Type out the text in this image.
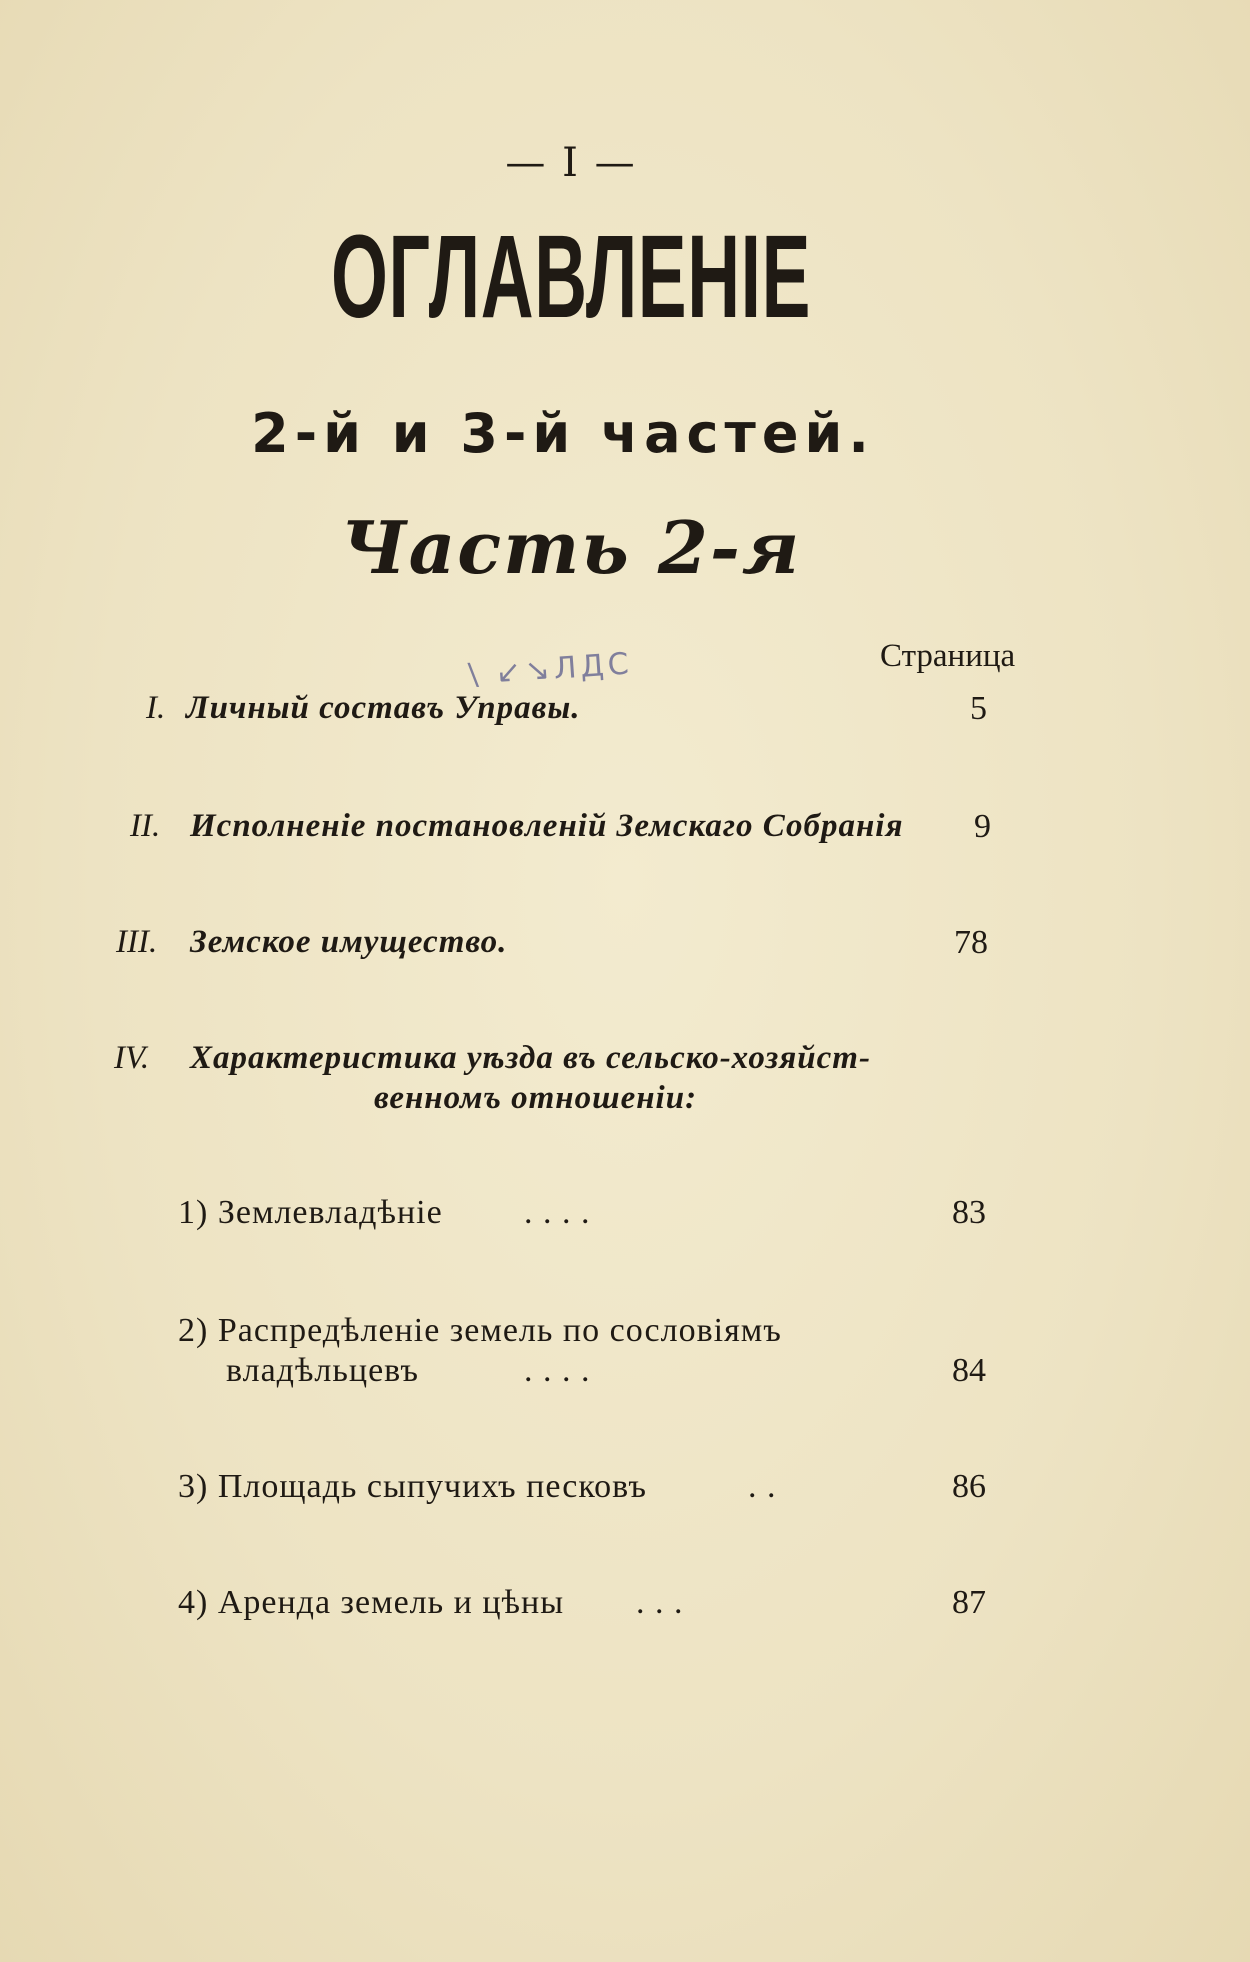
— I —
ОГЛАВЛЕНІЕ
2-й и 3-й частей.
Часть 2-я
Страница
\ ↙↘ЛДС
I. Личный составъ Управы.	5
II. Исполненіе постановленій Земскаго Собранія 9
III. Земское имущество.	78
IV. Характеристика уѣзда въ сельско-хозяйст-
венномъ отношеніи:
1) Землевладѣніе . . . .	83
2) Распредѣленіе земель по сословіямъ
владѣльцевъ	. . . .	84
3) Площадь сыпучихъ песковъ	. .	86
4) Аренда земель и цѣны . . .	87
